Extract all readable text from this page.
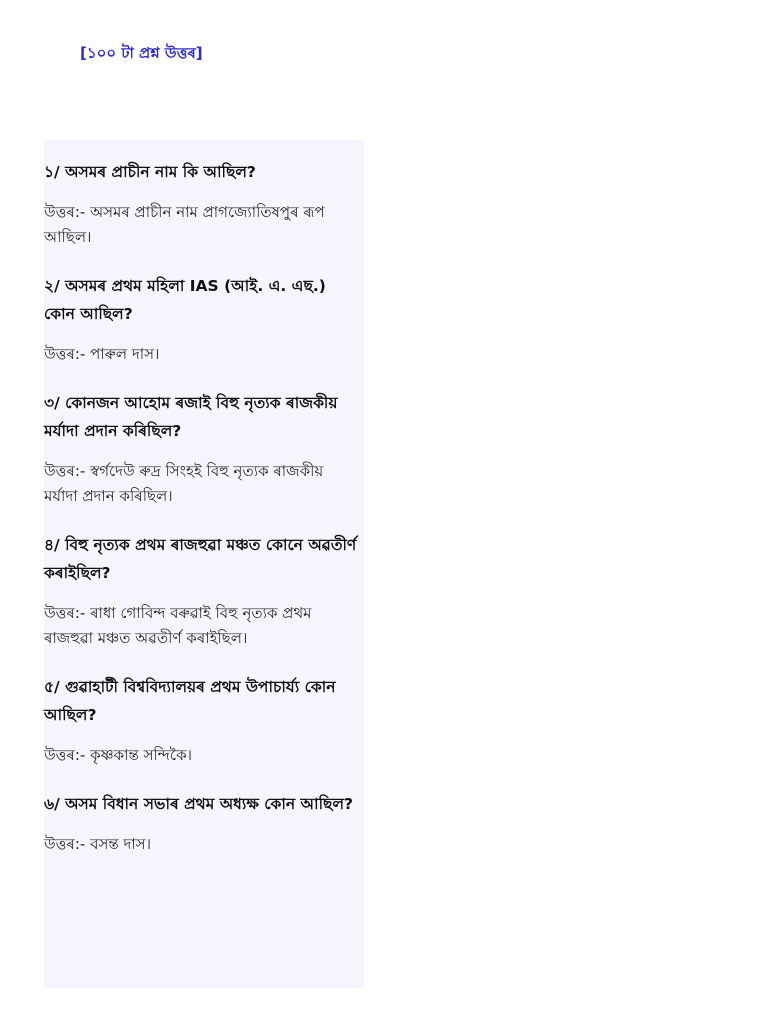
[১০০ টা প্ৰশ্ন উত্তৰ]

১/ অসমৰ প্ৰাচীন নাম কি আছিল?

উত্তৰ:- অসমৰ প্ৰাচীন নাম প্ৰাগজ্যোতিষপুৰ ৰূপ আছিল।

২/ অসমৰ প্ৰথম মহিলা IAS (আই. এ. এছ.) কোন আছিল?

উত্তৰ:- পাৰুল দাস।

৩/ কোনজন আহোম ৰজাই বিহু নৃত্যক ৰাজকীয় মৰ্যাদা প্ৰদান কৰিছিল?

উত্তৰ:- স্বৰ্গদেউ ৰুদ্ৰ সিংহই বিহু নৃত্যক ৰাজকীয় মৰ্যাদা প্ৰদান কৰিছিল।

৪/ বিহু নৃত্যক প্ৰথম ৰাজহুৱা মঞ্চত কোনে অৱতীৰ্ণ কৰাইছিল?

উত্তৰ:- ৰাধা গোবিন্দ বৰুৱাই বিহু নৃত্যক প্ৰথম ৰাজহুৱা মঞ্চত অৱতীৰ্ণ কৰাইছিল।

৫/ গুৱাহাটী বিশ্ববিদ্যালয়ৰ প্ৰথম উপাচাৰ্য্য কোন আছিল?

উত্তৰ:- কৃষ্ণকান্ত সন্দিকৈ।

৬/ অসম বিধান সভাৰ প্ৰথম অধ্যক্ষ কোন আছিল?

উত্তৰ:- বসন্ত দাস।
